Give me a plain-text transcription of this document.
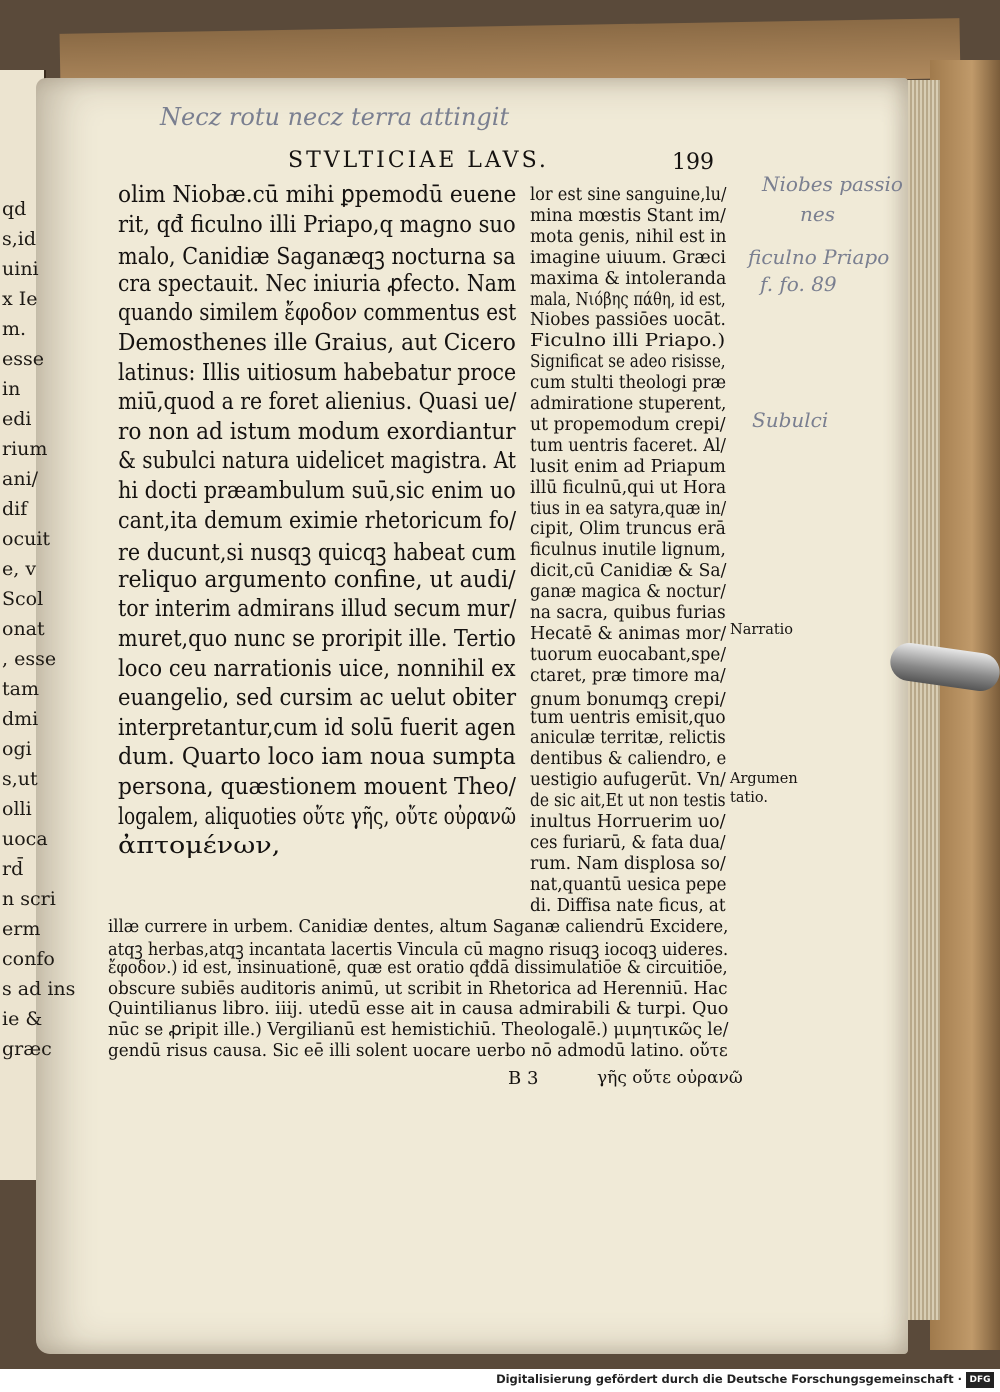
Necz rotu necz terra attingit
STVLTICIAE LAVS.	199
olim Niobæ.cū mihi ꝑpemodū euene
rit, qđ ficulno illi Priapo,q magno suo
malo, Canidiæ Saganæqꝫ nocturna sa
cra spectauit. Nec iniuria ꝓfecto. Nam
quando similem ἔφοδον commentus est
Demosthenes ille Graius, aut Cicero
latinus: Illis uitiosum habebatur proce
miū,quod a re foret alienius. Quasi ue/
ro non ad istum modum exordiantur
& subulci natura uidelicet magistra. At
hi docti præambulum suū,sic enim uo
cant,ita demum eximie rhetoricum fo/
re ducunt,si nusqꝫ quicqꝫ habeat cum
reliquo argumento confine, ut audi/
tor interim admirans illud secum mur/
muret,quo nunc se proripit ille. Tertio
loco ceu narrationis uice, nonnihil ex
euangelio, sed cursim ac uelut obiter
interpretantur,cum id solū fuerit agen
dum. Quarto loco iam noua sumpta
persona, quæstionem mouent Theo/
logalem, aliquoties οὔτε γῆς, οὔτε οὐρανῶ
ἀπτομένων,
lor est sine sanguine,lu/
mina mœstis Stant im/
mota genis, nihil est in
imagine uiuum. Græci
maxima & intoleranda
mala, Νιόβης πάθη, id est,
Niobes passiōes uocāt.
Ficulno illi Priapo.)
Significat se adeo risisse,
cum stulti theologi præ
admiratione stuperent,
ut propemodum crepi/
tum uentris faceret. Al/
lusit enim ad Priapum
illū ficulnū,qui ut Hora
tius in ea satyra,quæ in/
cipit, Olim truncus erā
ficulnus inutile lignum,
dicit,cū Canidiæ & Sa/
ganæ magica & noctur/
na sacra, quibus furias
Hecatē & animas mor/
tuorum euocabant,spe/
ctaret, præ timore ma/
gnum bonumqꝫ crepi/
tum uentris emisit,quo
aniculæ territæ, relictis
dentibus & caliendro, e
uestigio aufugerūt. Vn/
de sic ait,Et ut non testis
inultus Horruerim uo/
ces furiarū, & fata dua/
rum. Nam displosa so/
nat,quantū uesica pepe
di. Diffisa nate ficus, at
illæ currere in urbem. Canidiæ dentes, altum Saganæ caliendrū Excidere,
atqꝫ herbas,atqꝫ incantata lacertis Vincula cū magno risuqꝫ iocoqꝫ uideres.
ἔφοδον.) id est, insinuationē, quæ est oratio qđdā dissimulatiōe & circuitiōe,
obscure subiēs auditoris animū, ut scribit in Rhetorica ad Herenniū. Hac
Quintilianus libro. iiij. utedū esse ait in causa admirabili & turpi. Quo
nūc se ꝓripit ille.) Vergilianū est hemistichiū. Theologalē.) μιμητικῶς le/
gendū risus causa. Sic eē illi solent uocare uerbo nō admodū latino. οὔτε
qd
s,id
uini
x Ie
m.
esse
in
edi
rium
ani/
dif
ocuit
e, v
Scol
onat
, esse
tam
dmi
ogi
s,ut
olli
uoca
rd̄
n scri
erm
confo
s ad ins
ie &
græc
Narratio
Argumen
tatio.
Niobes passio
nes
ficulno Priapo
f. fo. 89
Subulci
B 3	γῆς οὔτε οὐρανῶ
Digitalisierung gefördert durch die Deutsche Forschungsgemeinschaft · DFG
